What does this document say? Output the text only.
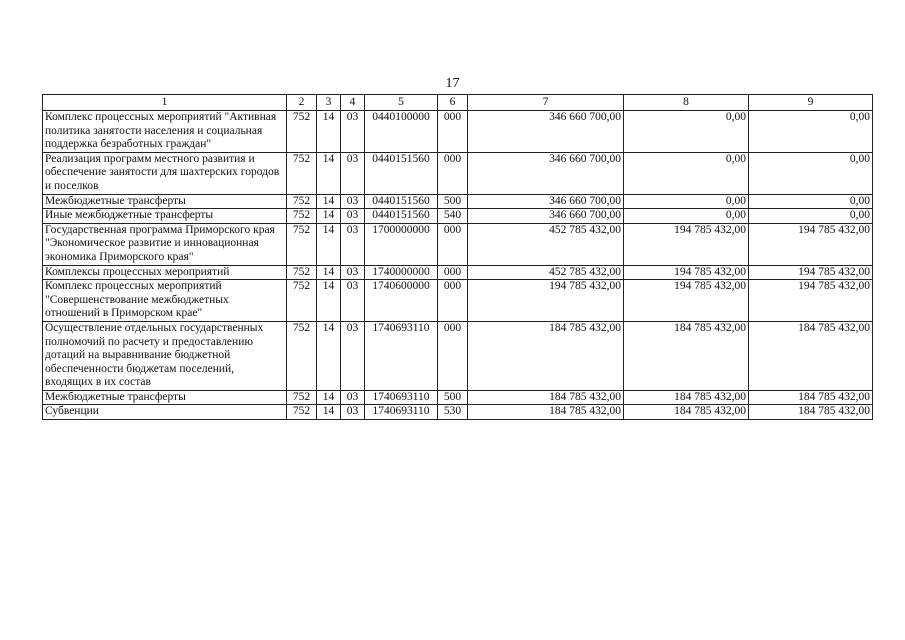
17
1	2	3	4	5	6	7	8	9
Комплекс процессных мероприятий "Активная политика занятости населения и социальная поддержка безработных граждан"	752	14	03	0440100000	000	346 660 700,00	0,00	0,00
Реализация программ местного развития и обеспечение занятости для шахтерских городов и поселков	752	14	03	0440151560	000	346 660 700,00	0,00	0,00
Межбюджетные трансферты	752	14	03	0440151560	500	346 660 700,00	0,00	0,00
Иные межбюджетные трансферты	752	14	03	0440151560	540	346 660 700,00	0,00	0,00
Государственная программа Приморского края "Экономическое развитие и инновационная экономика Приморского края"	752	14	03	1700000000	000	452 785 432,00	194 785 432,00	194 785 432,00
Комплексы процессных мероприятий	752	14	03	1740000000	000	452 785 432,00	194 785 432,00	194 785 432,00
Комплекс процессных мероприятий "Совершенствование межбюджетных отношений в Приморском крае"	752	14	03	1740600000	000	194 785 432,00	194 785 432,00	194 785 432,00
Осуществление отдельных государственных полномочий по расчету и предоставлению дотаций на выравнивание бюджетной обеспеченности бюджетам поселений, входящих в их состав	752	14	03	1740693110	000	184 785 432,00	184 785 432,00	184 785 432,00
Межбюджетные трансферты	752	14	03	1740693110	500	184 785 432,00	184 785 432,00	184 785 432,00
Субвенции	752	14	03	1740693110	530	184 785 432,00	184 785 432,00	184 785 432,00
